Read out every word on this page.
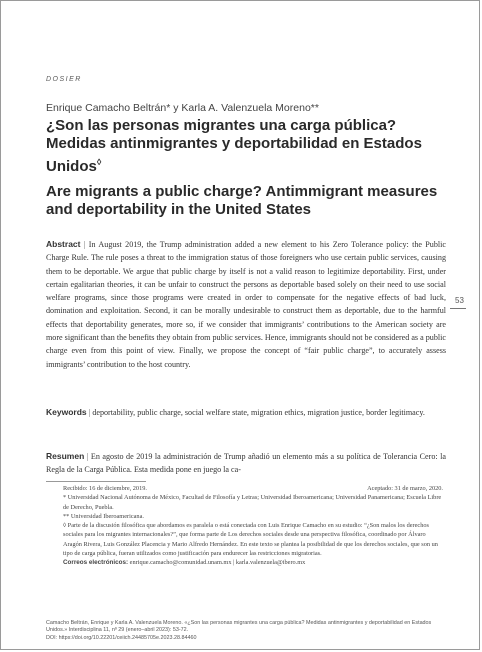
DOSIER
Enrique Camacho Beltrán* y Karla A. Valenzuela Moreno**
¿Son las personas migrantes una carga pública? Medidas antinmigrantes y deportabilidad en Estados Unidos◊
Are migrants a public charge? Antimmigrant measures and deportability in the United States
Abstract | In August 2019, the Trump administration added a new element to his Zero Tolerance policy: the Public Charge Rule. The rule poses a threat to the immigration status of those foreigners who use certain public services, causing them to be deportable. We argue that public charge by itself is not a valid reason to legitimize deportability. First, under certain egalitarian theories, it can be unfair to construct the persons as deportable based solely on their need to use social welfare programs, since those programs were created in order to compensate for the negative effects of bad luck, domination and exploitation. Second, it can be morally undesirable to construct them as deportable, due to the harmful effects that deportability generates, more so, if we consider that immigrants’ contributions to the American society are more significant than the benefits they obtain from public services. Hence, immigrants should not be considered as a public charge even from this point of view. Finally, we propose the concept of “fair public charge”, to accurately assess immigrants’ contribution to the host country.
53
Keywords | deportability, public charge, social welfare state, migration ethics, migration justice, border legitimacy.
Resumen | En agosto de 2019 la administración de Trump añadió un elemento más a su política de Tolerancia Cero: la Regla de la Carga Pública. Esta medida pone en juego la ca-
Recibido: 16 de diciembre, 2019.	Aceptado: 31 de marzo, 2020.

* Universidad Nacional Autónoma de México, Facultad de Filosofía y Letras; Universidad Iberoamericana; Universidad Panamericana; Escuela Libre de Derecho, Puebla.

** Universidad Iberoamericana.

◊ Parte de la discusión filosófica que abordamos es paralela o está conectada con Luis Enrique Camacho en su estudio: “¿Son malos los derechos sociales para los migrantes internacionales?”, que forma parte de Los derechos sociales desde una perspectiva filosófica, coordinado por Álvaro Aragón Rivera, Luis González Placencia y Mario Alfredo Hernández. En este texto se plantea la posibilidad de que los derechos sociales, que son un tipo de carga pública, fueran utilizados como justificación para endurecer las restricciones migratorias.

Correos electrónicos: enrique.camacho@comunidad.unam.mx | karla.valenzuela@ibero.mx

Camacho Beltrán, Enrique y Karla A. Valenzuela Moreno. «¿Son las personas migrantes una carga pública? Medidas antinmigrantes y deportabilidad en Estados Unidos.» Interdisciplina 11, nº 29 (enero–abril 2023): 53-72.
DOI: https://doi.org/10.22201/ceiich.24485705e.2023.28.84460
